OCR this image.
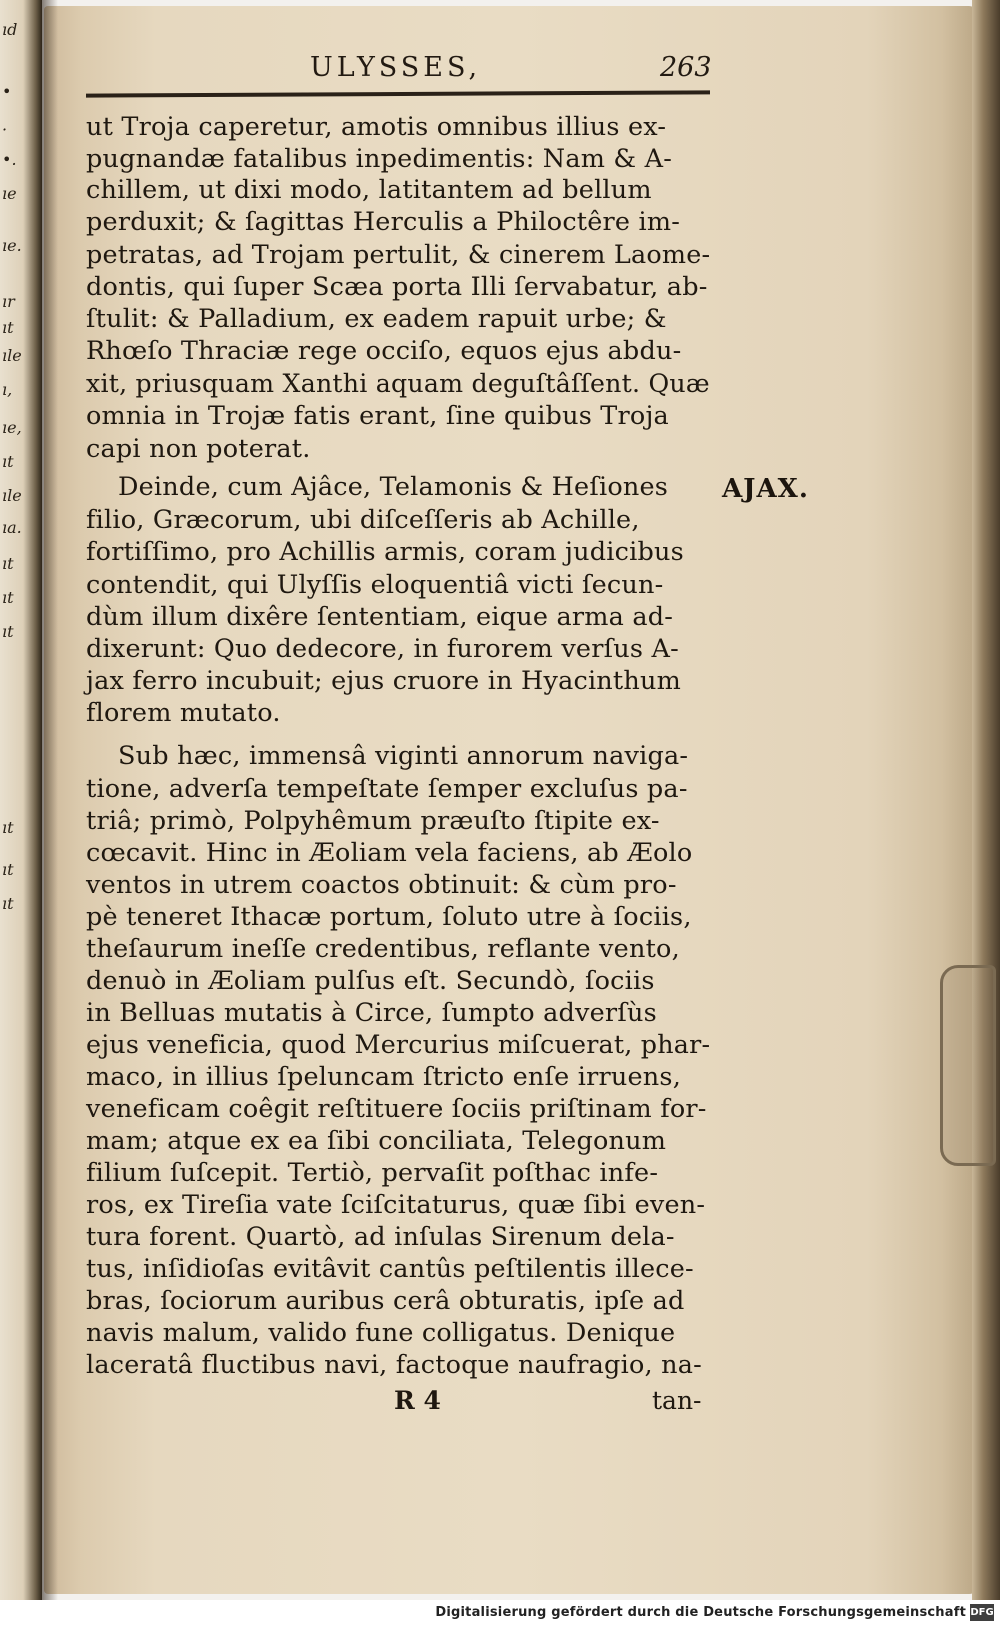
ıd
•
·
•.
ıe
ıe.
ır
ıt
ıle
ı,
ıe,
ıt
ıle
ıa.
ıt
ıt
ıt
ıt
ıt
ıt
ULYSSES,	263
ut Troja caperetur, amotis omnibus illius ex-
pugnandæ fatalibus inpedimentis: Nam & A-
chillem, ut dixi modo, latitantem ad bellum
perduxit; & ſagittas Herculis a Philoctêre im-
petratas, ad Trojam pertulit, & cinerem Laome-
dontis, qui ſuper Scæa porta Illi ſervabatur, ab-
ſtulit: & Palladium, ex eadem rapuit urbe; &
Rhœſo Thraciæ rege occiſo, equos ejus abdu-
xit, priusquam Xanthi aquam deguſtâſſent. Quæ
omnia in Trojæ fatis erant, ſine quibus Troja
capi non poterat.
Deinde, cum Ajâce, Telamonis & Heſiones
filio, Græcorum, ubi diſceſſeris ab Achille,
fortiſſimo, pro Achillis armis, coram judicibus
contendit, qui Ulyſſis eloquentiâ victi ſecun-
dùm illum dixêre ſententiam, eique arma ad-
dixerunt: Quo dedecore, in furorem verſus A-
jax ferro incubuit; ejus cruore in Hyacinthum
florem mutato.
Sub hæc, immensâ viginti annorum naviga-
tione, adverſa tempeſtate ſemper excluſus pa-
triâ; primò, Polpyhêmum præuſto ſtipite ex-
cœcavit. Hinc in Æoliam vela faciens, ab Æolo
ventos in utrem coactos obtinuit: & cùm pro-
pè teneret Ithacæ portum, ſoluto utre à ſociis,
theſaurum ineſſe credentibus, reflante vento,
denuò in Æoliam pulſus eſt. Secundò, ſociis
in Belluas mutatis à Circe, ſumpto adverſùs
ejus veneficia, quod Mercurius miſcuerat, phar-
maco, in illius ſpeluncam ſtricto enſe irruens,
veneficam coêgit reſtituere ſociis priſtinam for-
mam; atque ex ea ſibi conciliata, Telegonum
filium ſuſcepit. Tertiò, pervaſit poſthac infe-
ros, ex Tireſia vate ſciſcitaturus, quæ ſibi even-
tura forent. Quartò, ad inſulas Sirenum dela-
tus, inſidioſas evitâvit cantûs peſtilentis illece-
bras, ſociorum auribus cerâ obturatis, ipſe ad
navis malum, valido fune colligatus. Denique
laceratâ fluctibus navi, factoque naufragio, na-
AJAX.
R 4	tan-
Digitalisierung gefördert durch die Deutsche Forschungsgemeinschaft DFG
